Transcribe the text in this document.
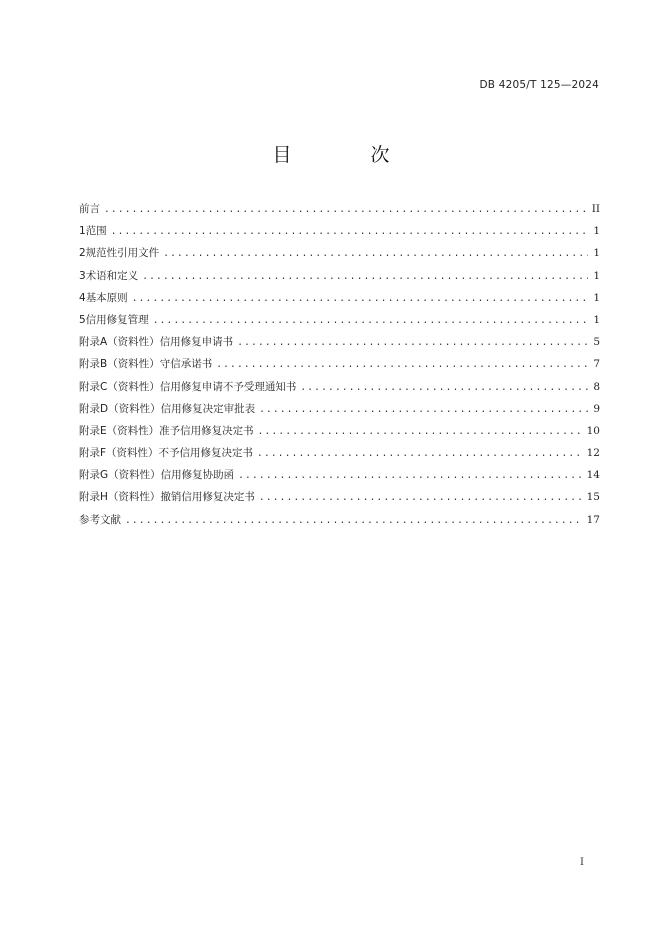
DB 4205/T 125—2024
目　次
前言 .....	II
1 范围 .....	1
2 规范性引用文件 .....	1
3 术语和定义 .....	1
4 基本原则 .....	1
5 信用修复管理 .....	1
附录A（资料性） 信用修复申请书 .....	5
附录B（资料性） 守信承诺书 .....	7
附录C（资料性） 信用修复申请不予受理通知书 .....	8
附录D（资料性） 信用修复决定审批表 .....	9
附录E（资料性） 准予信用修复决定书 .....	10
附录F（资料性） 不予信用修复决定书 .....	12
附录G（资料性） 信用修复协助函 .....	14
附录H（资料性） 撤销信用修复决定书 .....	15
参考文献 .....	17
I
